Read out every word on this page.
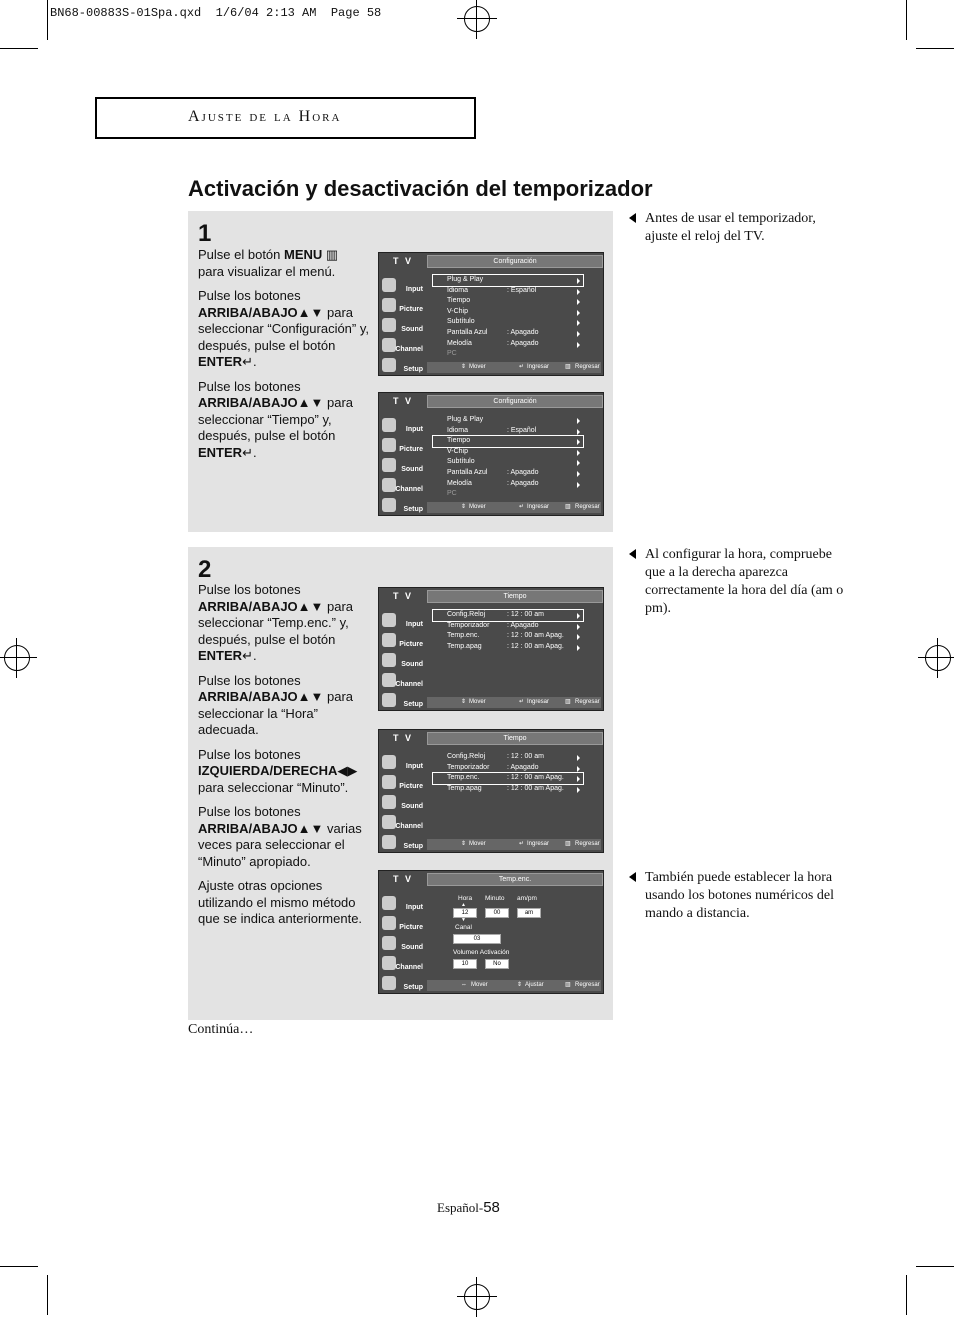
BN68-00883S-01Spa.qxd  1/6/04 2:13 AM  Page 58
Ajuste de la Hora
Activación y desactivación del temporizador
1

Pulse el botón MENU ▥
para visualizar el menú.

Pulse los botones
ARRIBA/ABAJO▲▼ para seleccionar “Configuración” y, después, pulse el botón
ENTER↵.

Pulse los botones
ARRIBA/ABAJO▲▼ para seleccionar “Tiempo” y, después, pulse el botón
ENTER↵.

Antes de usar el temporizador, ajuste el reloj del TV.
T V	Configuración
Input
Picture
Sound
Channel
Setup
Plug & Play
Idioma	: Español
Tiempo
V-Chip
Subtítulo
Pantalla Azul	: Apagado
Melodía	: Apagado
PC
⇕ Mover	↵ Ingresar	▥ Regresar
T V	Configuración
Input
Picture
Sound
Channel
Setup
Plug & Play
Idioma	: Español
Tiempo
V-Chip
Subtítulo
Pantalla Azul	: Apagado
Melodía	: Apagado
PC
⇕ Mover	↵ Ingresar	▥ Regresar
2

Pulse los botones
ARRIBA/ABAJO▲▼ para seleccionar “Temp.enc.” y, después, pulse el botón
ENTER↵.

Pulse los botones
ARRIBA/ABAJO▲▼ para seleccionar la “Hora” adecuada.

Pulse los botones
IZQUIERDA/DERECHA◀▶
para seleccionar “Minuto”.

Pulse los botones
ARRIBA/ABAJO▲▼ varias veces para seleccionar el “Minuto” apropiado.

Ajuste otras opciones utilizando el mismo método que se indica anteriormente.

Al configurar la hora, compruebe que a la derecha aparezca correctamente la hora del día (am o pm).
También puede establecer la hora usando los botones numéricos del mando a distancia.
T V	Tiempo
Input
Picture
Sound
Channel
Setup
Config.Reloj	: 12 : 00 am
Temporizador	: Apagado
Temp.enc.	: 12 : 00 am Apag.
Temp.apag	: 12 : 00 am Apag.
⇕ Mover	↵ Ingresar	▥ Regresar
T V	Tiempo
Input
Picture
Sound
Channel
Setup
Config.Reloj	: 12 : 00 am
Temporizador	: Apagado
Temp.enc.	: 12 : 00 am Apag.
Temp.apag	: 12 : 00 am Apag.
⇕ Mover	↵ Ingresar	▥ Regresar
T V	Temp.enc.
Input
Picture
Sound
Channel
Setup
Hora Minuto am/pm
▲
12	00	am
▼
Canal
03
Volumen Activación
10	No
⇔ Mover	⇕ Ajustar	▥ Regresar
Continúa…
Español-58
